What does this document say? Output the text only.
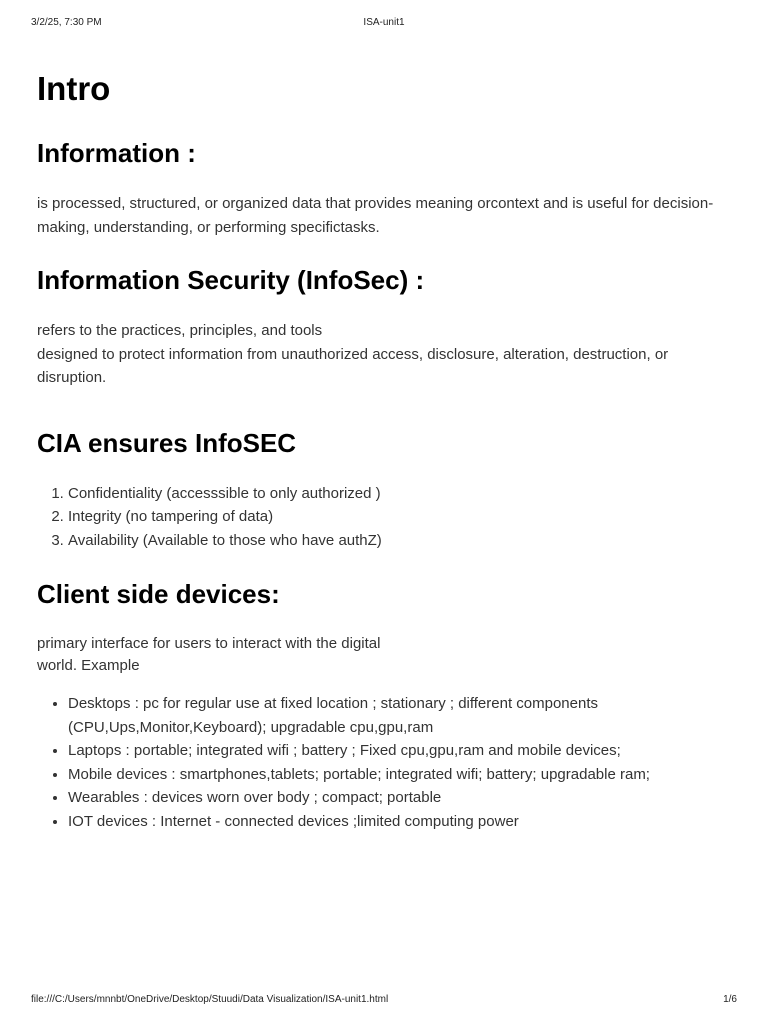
3/2/25, 7:30 PM	ISA-unit1
Intro
Information :

is processed, structured, or organized data that provides meaning orcontext and is useful for decision-making, understanding, or performing specifictasks.

Information Security (InfoSec) :

refers to the practices, principles, and tools
designed to protect information from unauthorized access, disclosure, alteration, destruction, or disruption.

CIA ensures InfoSEC
1. Confidentiality (accesssible to only authorized )
2. Integrity (no tampering of data)
3. Availability (Available to those who have authZ)
Client side devices:

primary interface for users to interact with the digital
world. Example

• Desktops : pc for regular use at fixed location ; stationary ; different components (CPU,Ups,Monitor,Keyboard); upgradable cpu,gpu,ram
• Laptops : portable; integrated wifi ; battery ; Fixed cpu,gpu,ram and mobile devices;
• Mobile devices : smartphones,tablets; portable; integrated wifi; battery; upgradable ram;
• Wearables : devices worn over body ; compact; portable
• IOT devices : Internet - connected devices ;limited computing power
file:///C:/Users/mnnbt/OneDrive/Desktop/Stuudi/Data Visualization/ISA-unit1.html	1/6
